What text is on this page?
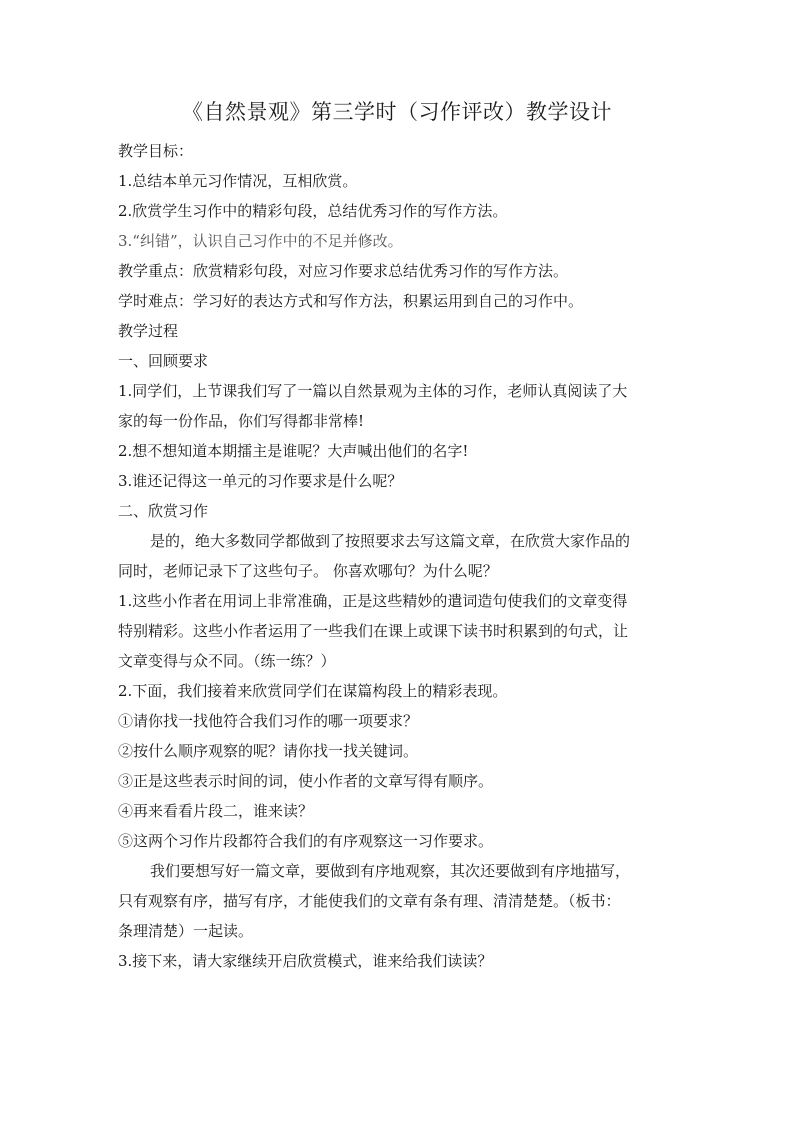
《自然景观》第三学时（习作评改）教学设计
教学目标：
1.总结本单元习作情况，互相欣赏。
2.欣赏学生习作中的精彩句段，总结优秀习作的写作方法。
3.“纠错”，认识自己习作中的不足并修改。
教学重点：欣赏精彩句段，对应习作要求总结优秀习作的写作方法。
学时难点：学习好的表达方式和写作方法，积累运用到自己的习作中。
教学过程
一、回顾要求
1.同学们，上节课我们写了一篇以自然景观为主体的习作，老师认真阅读了大
家的每一份作品，你们写得都非常棒!
2.想不想知道本期擂主是谁呢？大声喊出他们的名字!
3.谁还记得这一单元的习作要求是什么呢？
二、欣赏习作
是的，绝大多数同学都做到了按照要求去写这篇文章，在欣赏大家作品的
同时，老师记录下了这些句子。 你喜欢哪句？为什么呢？
1.这些小作者在用词上非常准确，正是这些精妙的遣词造句使我们的文章变得
特别精彩。这些小作者运用了一些我们在课上或课下读书时积累到的句式，让
文章变得与众不同。（练一练？）
2.下面，我们接着来欣赏同学们在谋篇构段上的精彩表现。
①请你找一找他符合我们习作的哪一项要求？
②按什么顺序观察的呢？请你找一找关键词。
③正是这些表示时间的词，使小作者的文章写得有顺序。
④再来看看片段二，谁来读？
⑤这两个习作片段都符合我们的有序观察这一习作要求。
我们要想写好一篇文章，要做到有序地观察，其次还要做到有序地描写，
只有观察有序，描写有序，才能使我们的文章有条有理、清清楚楚。（板书：
条理清楚）一起读。
3.接下来，请大家继续开启欣赏模式，谁来给我们读读？
